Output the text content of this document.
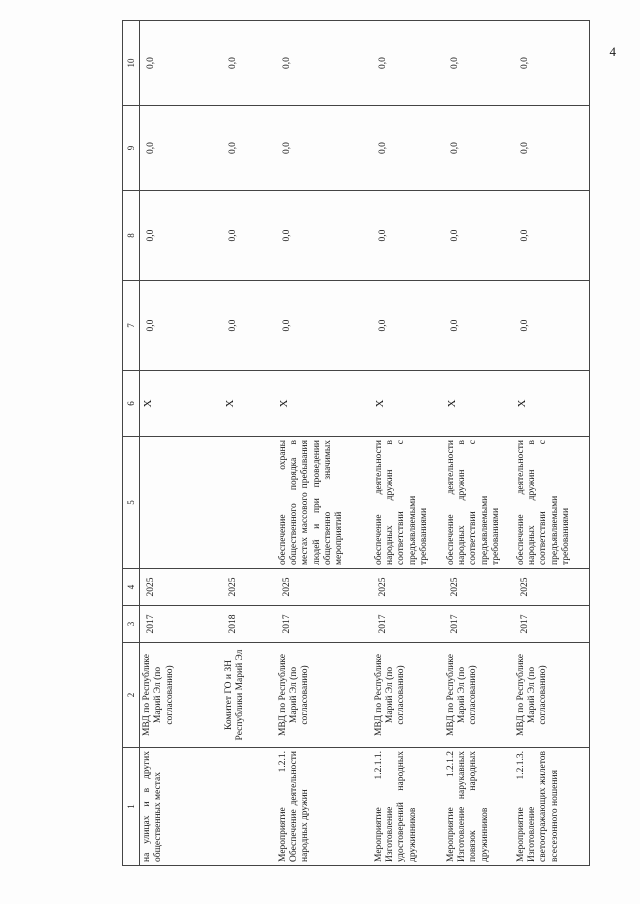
4
1	2	3	4	5	6	7	8	9	10

на улицах и в других общественных местах	МВД по Республике Марий Эл (по согласованию)	2017	2025		X	0,0	0,0	0,0	0,0

	Комитет ГО и ЗН Республики Марий Эл	2018	2025		X	0,0	0,0	0,0	0,0

1.2.1.
Мероприятие Обеспечение деятельности народных дружин	МВД по Республике Марий Эл (по согласованию)	2017	2025	обеспечение охраны общественного порядка в местах массового пребывания людей и при проведении общественно значимых мероприятий	X	0,0	0,0	0,0	0,0

1.2.1.1.
Мероприятие Изготовление удостоверений народных дружинников	МВД по Республике Марий Эл (по согласованию)	2017	2025	обеспечение деятельности народных дружин в соответствии с предъявляемыми требованиями	X	0,0	0,0	0,0	0,0

1.2.1.2
Мероприятие Изготовление нарукавных повязок народных дружинников	МВД по Республике Марий Эл (по согласованию)	2017	2025	обеспечение деятельности народных дружин в соответствии с предъявляемыми требованиями	X	0,0	0,0	0,0	0,0

1.2.1.3.
Мероприятие Изготовление светоотражающих жилетов всесезонного ношения	МВД по Республике Марий Эл (по согласованию)	2017	2025	обеспечение деятельности народных дружин в соответствии с предъявляемыми требованиями	X	0,0	0,0	0,0	0,0
